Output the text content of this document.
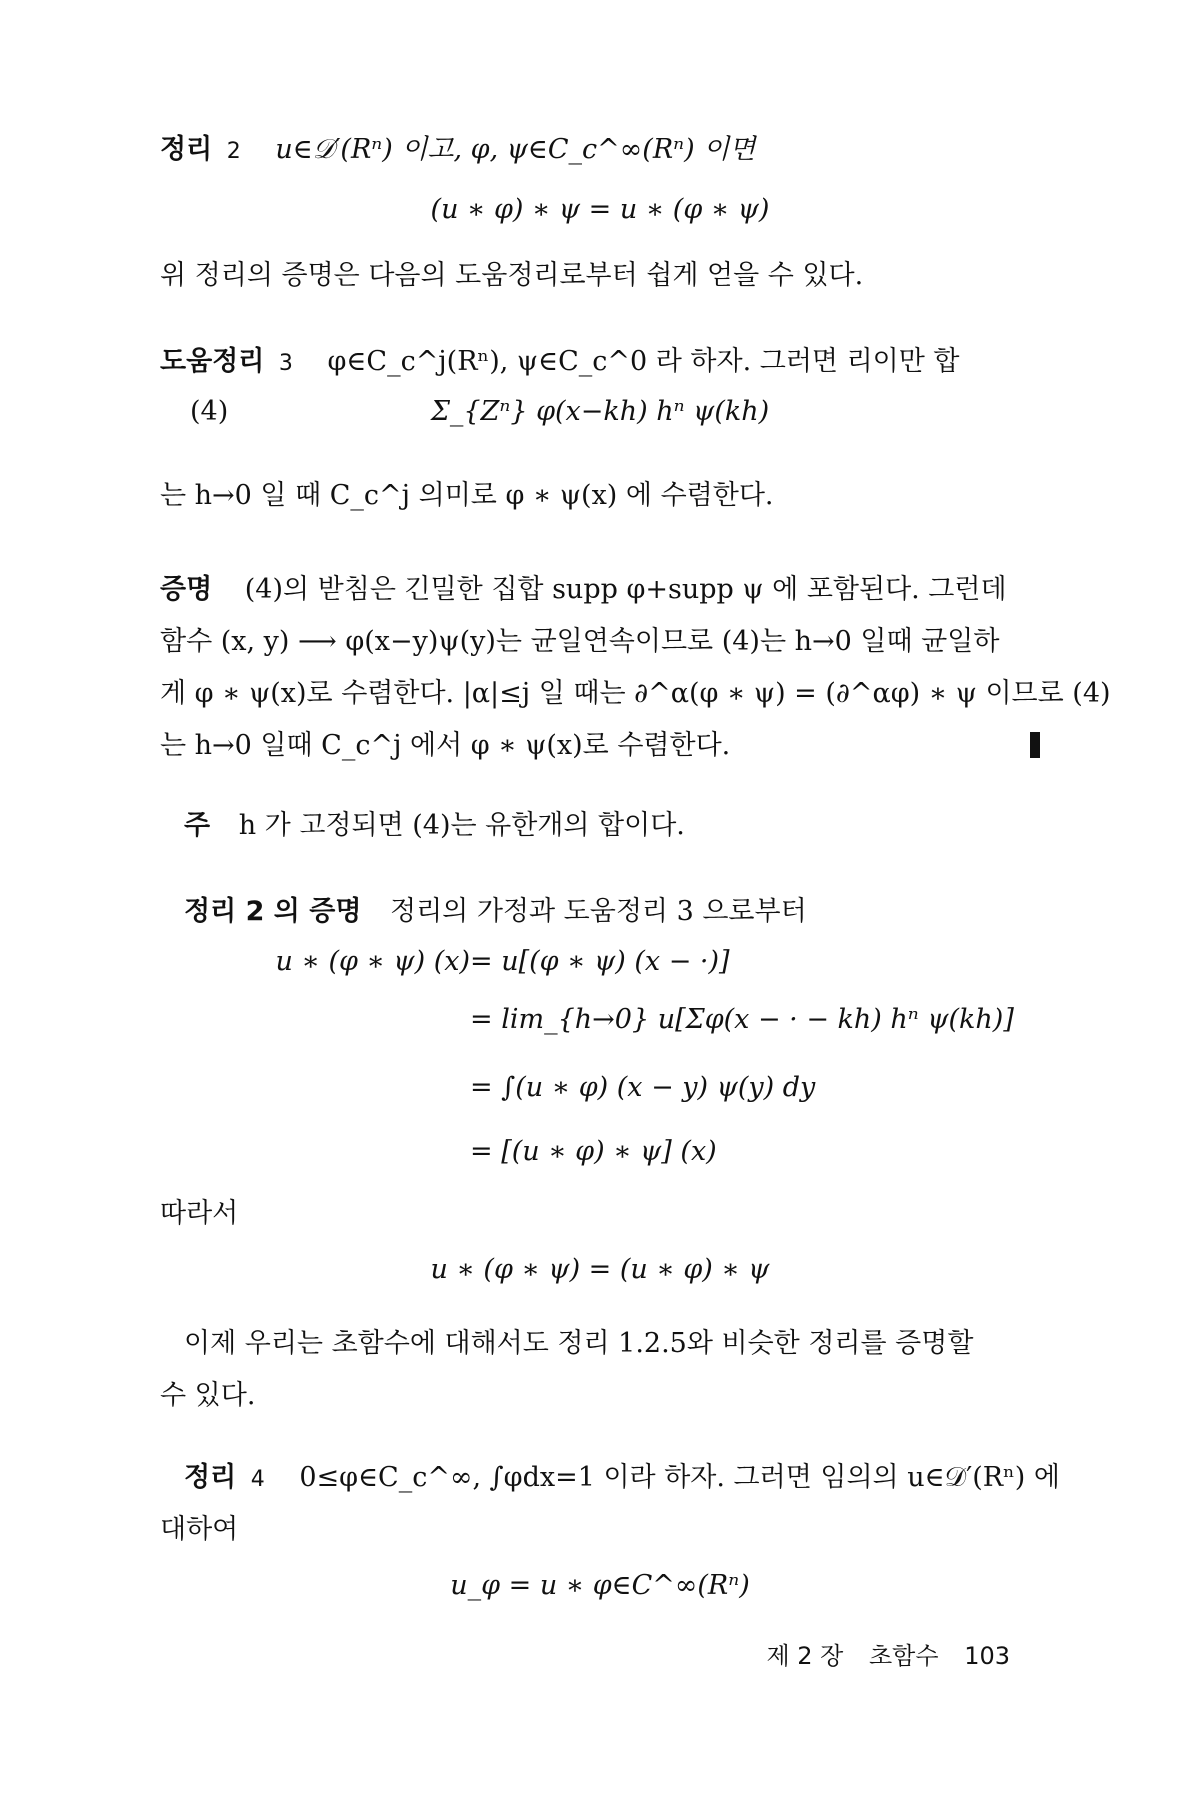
정리 2 u∈𝒟′(Rⁿ) 이고, φ, ψ∈C_c^∞(Rⁿ) 이면
(u ∗ φ) ∗ ψ = u ∗ (φ ∗ ψ)
위 정리의 증명은 다음의 도움정리로부터 쉽게 얻을 수 있다.
도움정리 3 φ∈C_c^j(Rⁿ), ψ∈C_c^0 라 하자. 그러면 리이만 합
(4)	Σ_{Zⁿ} φ(x−kh) hⁿ ψ(kh)
는 h→0 일 때 C_c^j 의미로 φ ∗ ψ(x) 에 수렴한다.
증명 (4)의 받침은 긴밀한 집합 supp φ+supp ψ 에 포함된다. 그런데
함수 (x, y) ⟶ φ(x−y)ψ(y)는 균일연속이므로 (4)는 h→0 일때 균일하
게 φ ∗ ψ(x)로 수렴한다. |α|≤j 일 때는 ∂^α(φ ∗ ψ) = (∂^αφ) ∗ ψ 이므로 (4)
는 h→0 일때 C_c^j 에서 φ ∗ ψ(x)로 수렴한다.
주 h 가 고정되면 (4)는 유한개의 합이다.
정리 2 의 증명 정리의 가정과 도움정리 3 으로부터
u ∗ (φ ∗ ψ) (x) = u[(φ ∗ ψ) (x − ·)]
= lim_{h→0} u[Σφ(x − · − kh) hⁿ ψ(kh)]
= ∫(u ∗ φ) (x − y) ψ(y) dy
= [(u ∗ φ) ∗ ψ] (x)
따라서
u ∗ (φ ∗ ψ) = (u ∗ φ) ∗ ψ
이제 우리는 초함수에 대해서도 정리 1.2.5와 비슷한 정리를 증명할
수 있다.
정리 4 0≤φ∈C_c^∞, ∫φdx=1 이라 하자. 그러면 임의의 u∈𝒟′(Rⁿ) 에
대하여
u_φ = u ∗ φ∈C^∞(Rⁿ)
제 2 장 초함수 103
